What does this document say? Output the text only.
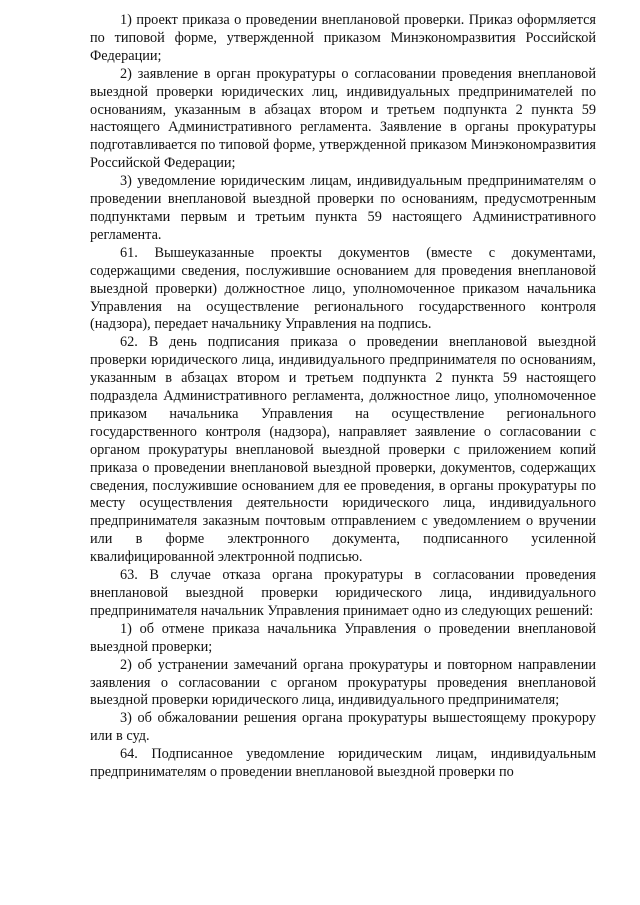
1) проект приказа о проведении внеплановой проверки. Приказ оформляется по типовой форме, утвержденной приказом Минэкономразвития Российской Федерации;

2) заявление в орган прокуратуры о согласовании проведения внеплановой выездной проверки юридических лиц, индивидуальных предпринимателей по основаниям, указанным в абзацах втором и третьем подпункта 2 пункта 59 настоящего Административного регламента. Заявление в органы прокуратуры подготавливается по типовой форме, утвержденной приказом Минэкономразвития Российской Федерации;

3) уведомление юридическим лицам, индивидуальным предпринимателям о проведении внеплановой выездной проверки по основаниям, предусмотренным подпунктами первым и третьим пункта 59 настоящего Административного регламента.

61. Вышеуказанные проекты документов (вместе с документами, содержащими сведения, послужившие основанием для проведения внеплановой выездной проверки) должностное лицо, уполномоченное приказом начальника Управления на осуществление регионального государственного контроля (надзора), передает начальнику Управления на подпись.

62. В день подписания приказа о проведении внеплановой выездной проверки юридического лица, индивидуального предпринимателя по основаниям, указанным в абзацах втором и третьем подпункта 2 пункта 59 настоящего подраздела Административного регламента, должностное лицо, уполномоченное приказом начальника Управления на осуществление регионального государственного контроля (надзора), направляет заявление о согласовании с органом прокуратуры внеплановой выездной проверки с приложением копий приказа о проведении внеплановой выездной проверки, документов, содержащих сведения, послужившие основанием для ее проведения, в органы прокуратуры по месту осуществления деятельности юридического лица, индивидуального предпринимателя заказным почтовым отправлением с уведомлением о вручении или в форме электронного документа, подписанного усиленной квалифицированной электронной подписью.

63. В случае отказа органа прокуратуры в согласовании проведения внеплановой выездной проверки юридического лица, индивидуального предпринимателя начальник Управления принимает одно из следующих решений:

1) об отмене приказа начальника Управления о проведении внеплановой выездной проверки;

2) об устранении замечаний органа прокуратуры и повторном направлении заявления о согласовании с органом прокуратуры проведения внеплановой выездной проверки юридического лица, индивидуального предпринимателя;

3) об обжаловании решения органа прокуратуры вышестоящему прокурору или в суд.

64. Подписанное уведомление юридическим лицам, индивидуальным предпринимателям о проведении внеплановой выездной проверки по
